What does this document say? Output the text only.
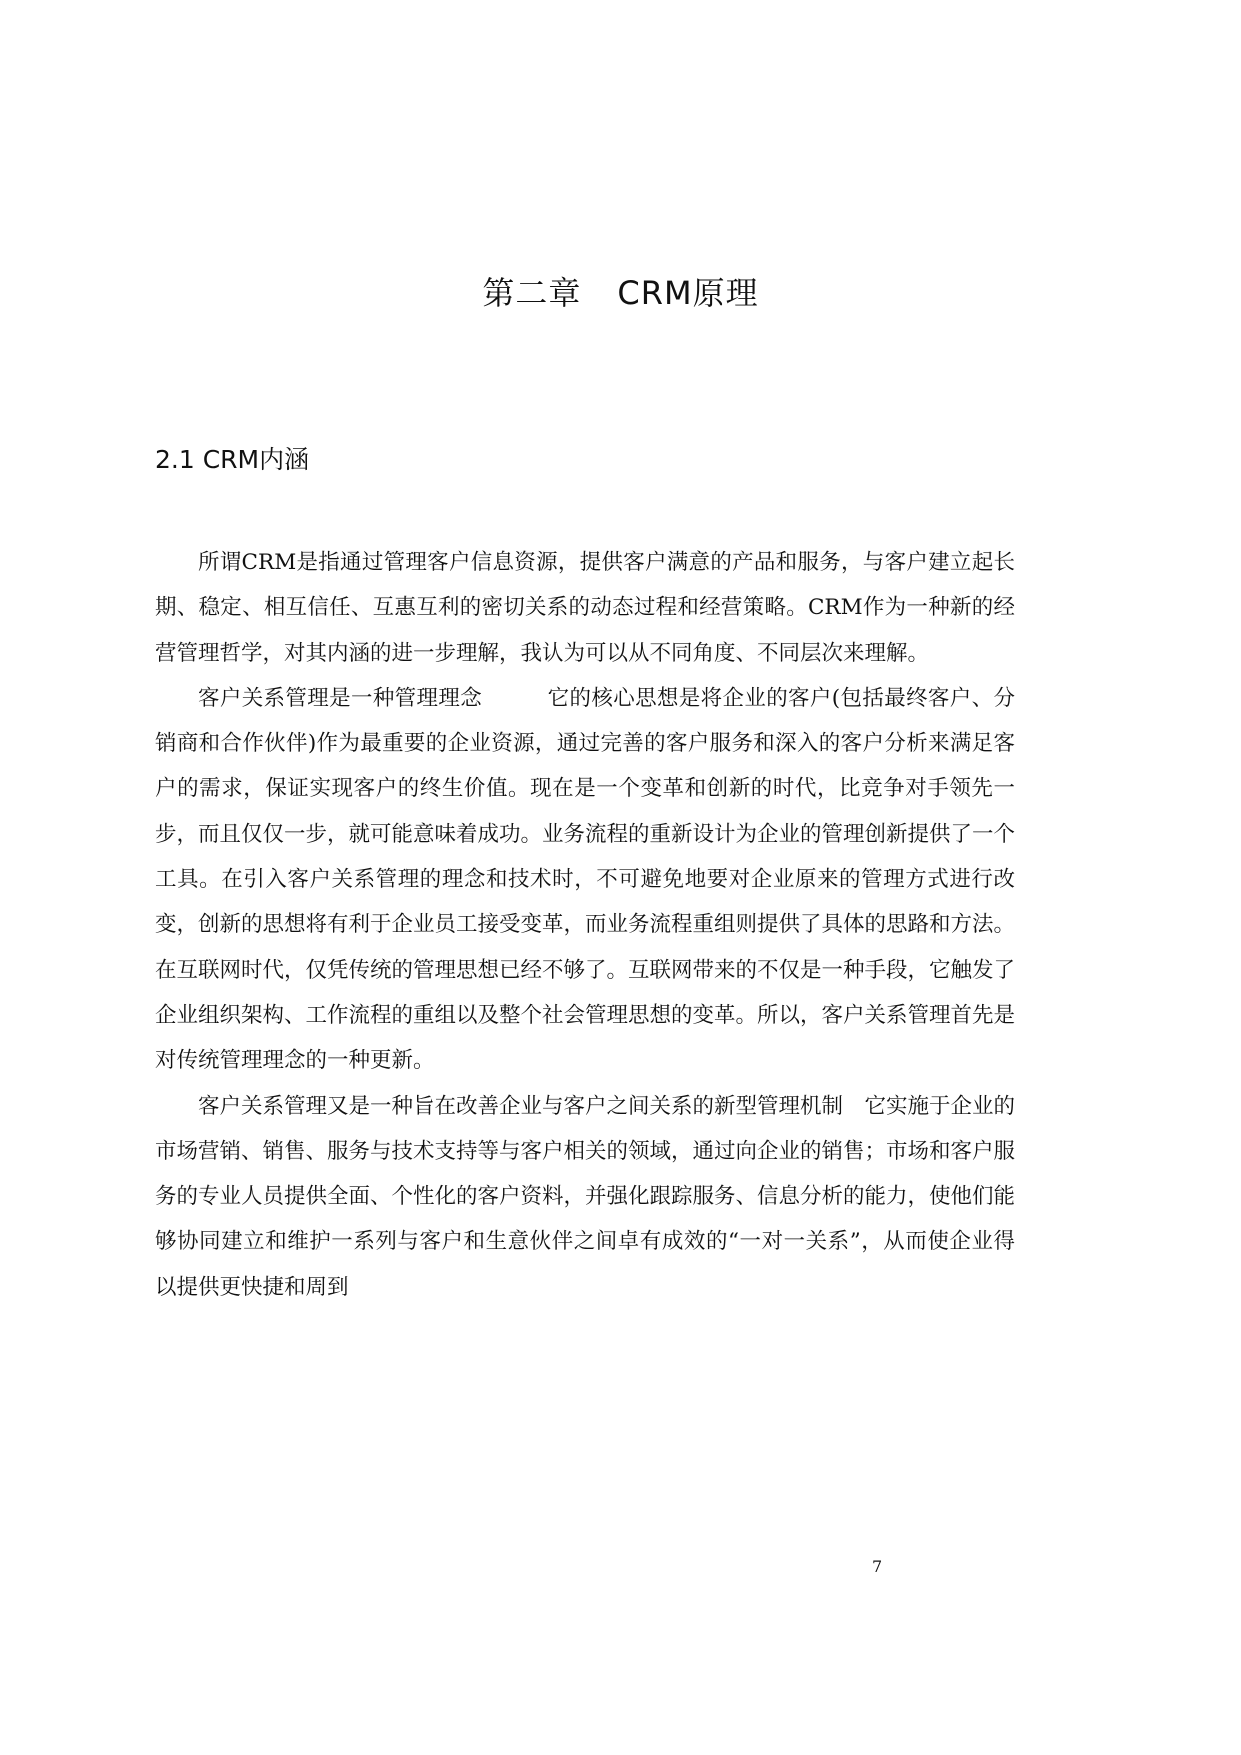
第二章 CRM原理
2.1 CRM内涵

所谓CRM是指通过管理客户信息资源，提供客户满意的产品和服务，与客户建立起长期、稳定、相互信任、互惠互利的密切关系的动态过程和经营策略。CRM作为一种新的经营管理哲学，对其内涵的进一步理解，我认为可以从不同角度、不同层次来理解。

客户关系管理是一种管理理念　　　它的核心思想是将企业的客户(包括最终客户、分销商和合作伙伴)作为最重要的企业资源，通过完善的客户服务和深入的客户分析来满足客户的需求，保证实现客户的终生价值。现在是一个变革和创新的时代，比竞争对手领先一步，而且仅仅一步，就可能意味着成功。业务流程的重新设计为企业的管理创新提供了一个工具。在引入客户关系管理的理念和技术时，不可避免地要对企业原来的管理方式进行改变，创新的思想将有利于企业员工接受变革，而业务流程重组则提供了具体的思路和方法。在互联网时代，仅凭传统的管理思想已经不够了。互联网带来的不仅是一种手段，它触发了企业组织架构、工作流程的重组以及整个社会管理思想的变革。所以，客户关系管理首先是对传统管理理念的一种更新。

客户关系管理又是一种旨在改善企业与客户之间关系的新型管理机制　它实施于企业的市场营销、销售、服务与技术支持等与客户相关的领域，通过向企业的销售；市场和客户服务的专业人员提供全面、个性化的客户资料，并强化跟踪服务、信息分析的能力，使他们能够协同建立和维护一系列与客户和生意伙伴之间卓有成效的“一对一关系”，从而使企业得以提供更快捷和周到

7
